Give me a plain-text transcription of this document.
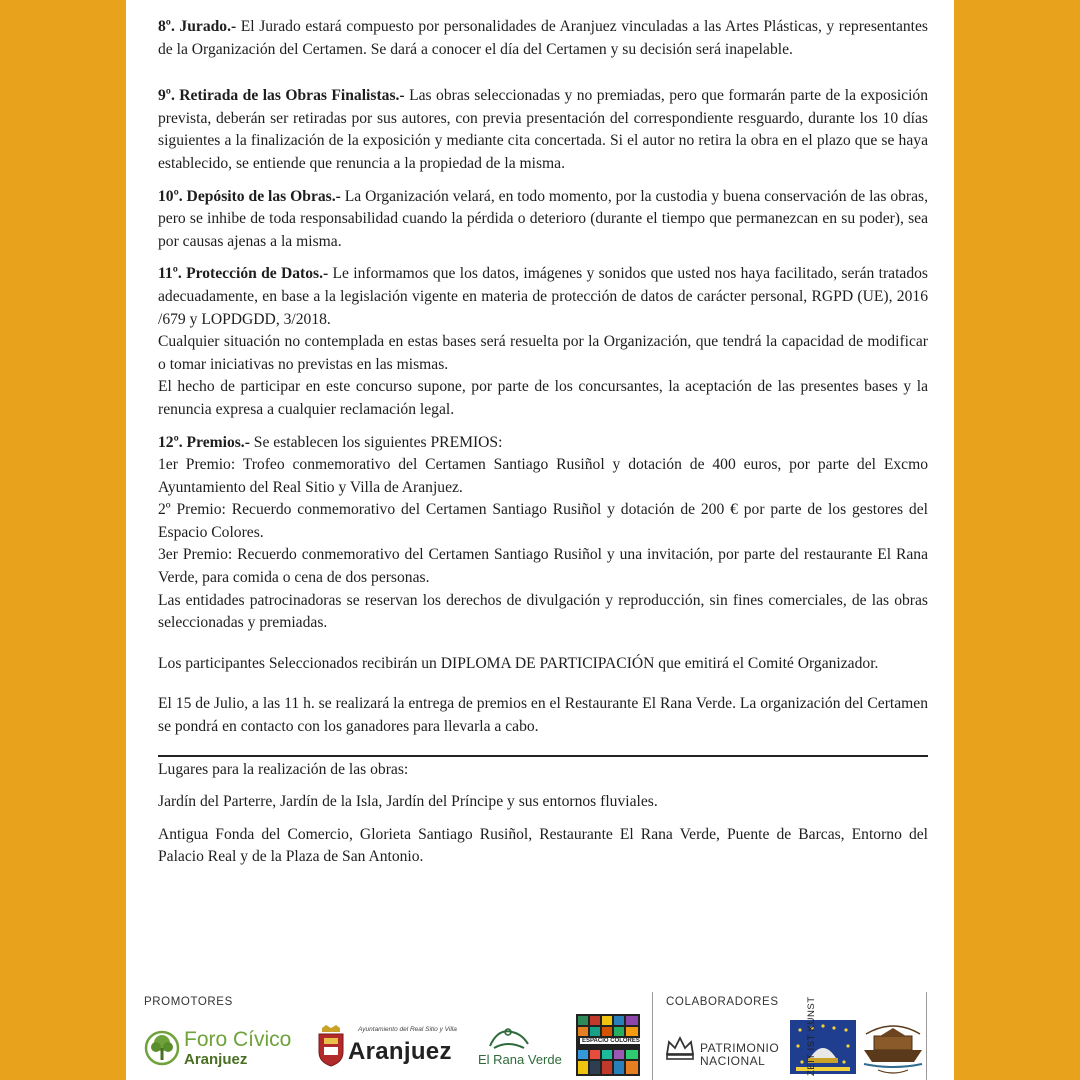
8º. Jurado.- El Jurado estará compuesto por personalidades de Aranjuez vinculadas a las Artes Plásticas, y representantes de la Organización del Certamen. Se dará a conocer el día del Certamen y su decisión será inapelable.

9º. Retirada de las Obras Finalistas.- Las obras seleccionadas y no premiadas, pero que formarán parte de la exposición prevista, deberán ser retiradas por sus autores, con previa presentación del correspondiente resguardo, durante los 10 días siguientes a la finalización de la exposición y mediante cita concertada. Si el autor no retira la obra en el plazo que se haya establecido, se entiende que renuncia a la propiedad de la misma.

10º. Depósito de las Obras.- La Organización velará, en todo momento, por la custodia y buena conservación de las obras, pero se inhibe de toda responsabilidad cuando la pérdida o deterioro (durante el tiempo que permanezcan en su poder), sea por causas ajenas a la misma.

11º. Protección de Datos.- Le informamos que los datos, imágenes y sonidos que usted nos haya facilitado, serán tratados adecuadamente, en base a la legislación vigente en materia de protección de datos de carácter personal, RGPD (UE), 2016 /679 y LOPDGDD, 3/2018.

Cualquier situación no contemplada en estas bases será resuelta por la Organización, que tendrá la capacidad de modificar o tomar iniciativas no previstas en las mismas.

El hecho de participar en este concurso supone, por parte de los concursantes, la aceptación de las presentes bases y la renuncia expresa a cualquier reclamación legal.

12º. Premios.- Se establecen los siguientes PREMIOS:

1er Premio: Trofeo conmemorativo del Certamen Santiago Rusiñol y dotación de 400 euros, por parte del Excmo Ayuntamiento del Real Sitio y Villa de Aranjuez.

2º Premio: Recuerdo conmemorativo del Certamen Santiago Rusiñol y dotación de 200 € por parte de los gestores del Espacio Colores.

3er Premio: Recuerdo conmemorativo del Certamen Santiago Rusiñol y una invitación, por parte del restaurante El Rana Verde, para comida o cena de dos personas.

Las entidades patrocinadoras se reservan los derechos de divulgación y reproducción, sin fines comerciales, de las obras seleccionadas y premiadas.

Los participantes Seleccionados recibirán un DIPLOMA DE PARTICIPACIÓN que emitirá el Comité Organizador.

El 15 de Julio, a las 11 h. se realizará la entrega de premios en el Restaurante El Rana Verde. La organización del Certamen se pondrá en contacto con los ganadores para llevarla a cabo.

Lugares para la realización de las obras:

Jardín del Parterre, Jardín de la Isla, Jardín del Príncipe y sus entornos fluviales.

Antigua Fonda del Comercio, Glorieta Santiago Rusiñol, Restaurante El Rana Verde, Puente de Barcas, Entorno del Palacio Real y de la Plaza de San Antonio.

PROMOTORES	COLABORADORES
Foro Cívico
Aranjuez
Ayuntamiento del Real Sitio y Villa
Aranjuez El Rana Verde
ESPACIO COLORES	PATRIMONIO
NACIONAL	ZEIT IST KUNST
